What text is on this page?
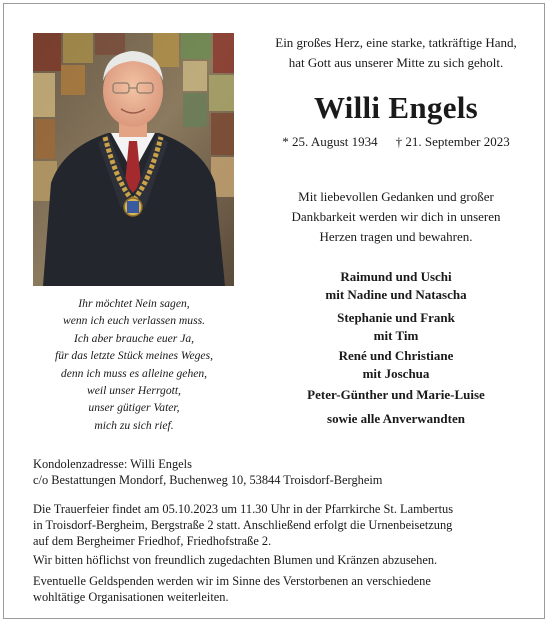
Ihr möchtet Nein sagen,
wenn ich euch verlassen muss.
Ich aber brauche euer Ja,
für das letzte Stück meines Weges,
denn ich muss es alleine gehen,
weil unser Herrgott,
unser gütiger Vater,
mich zu sich rief.
Ein großes Herz, eine starke, tatkräftige Hand,
hat Gott aus unserer Mitte zu sich geholt.
Willi Engels
* 25. August 1934 † 21. September 2023
Mit liebevollen Gedanken und großer
Dankbarkeit werden wir dich in unseren
Herzen tragen und bewahren.
Raimund und Uschi
mit Nadine und Natascha
Stephanie und Frank
mit Tim
René und Christiane
mit Joschua
Peter-Günther und Marie-Luise
sowie alle Anverwandten
Kondolenzadresse: Willi Engels
c/o Bestattungen Mondorf, Buchenweg 10, 53844 Troisdorf-Bergheim
Die Trauerfeier findet am 05.10.2023 um 11.30 Uhr in der Pfarrkirche St. Lambertus
in Troisdorf-Bergheim, Bergstraße 2 statt. Anschließend erfolgt die Urnenbeisetzung
auf dem Bergheimer Friedhof, Friedhofstraße 2.
Wir bitten höflichst von freundlich zugedachten Blumen und Kränzen abzusehen.
Eventuelle Geldspenden werden wir im Sinne des Verstorbenen an verschiedene
wohltätige Organisationen weiterleiten.
